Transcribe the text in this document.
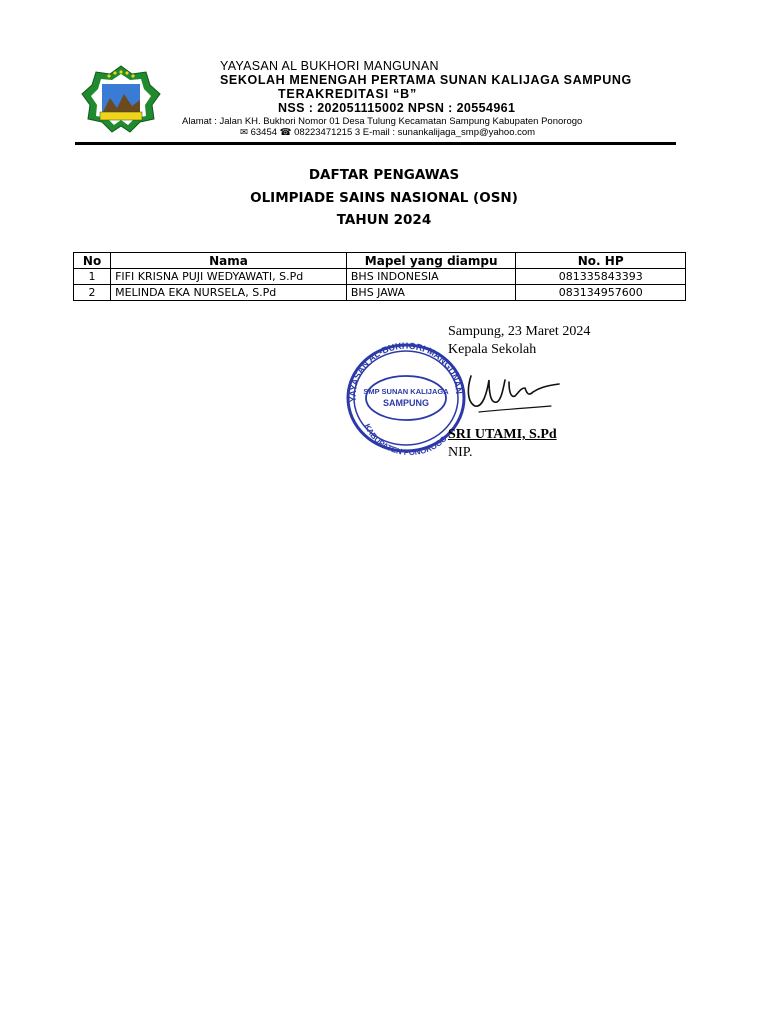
YAYASAN AL BUKHORI MANGUNAN
SEKOLAH MENENGAH PERTAMA SUNAN KALIJAGA SAMPUNG
TERAKREDITASI “B”
NSS : 202051115002 NPSN : 20554961
Alamat : Jalan KH. Bukhori Nomor 01 Desa Tulung Kecamatan Sampung Kabupaten Ponorogo
✉ 63454 ☎ 08223471215 3 E-mail : sunankalijaga_smp@yahoo.com
DAFTAR PENGAWAS
OLIMPIADE SAINS NASIONAL (OSN)
TAHUN 2024
No	Nama	Mapel yang diampu	No. HP
1	FIFI KRISNA PUJI WEDYAWATI, S.Pd	BHS INDONESIA	081335843393
2	MELINDA EKA NURSELA, S.Pd	BHS JAWA	083134957600
YAYASAN AL-BUKHORI MANGUNAN
KABUPATEN PONOROGO
SMP SUNAN KALIJAGA
SAMPUNG
Sampung, 23 Maret 2024
Kepala Sekolah
SRI UTAMI, S.Pd
NIP.
